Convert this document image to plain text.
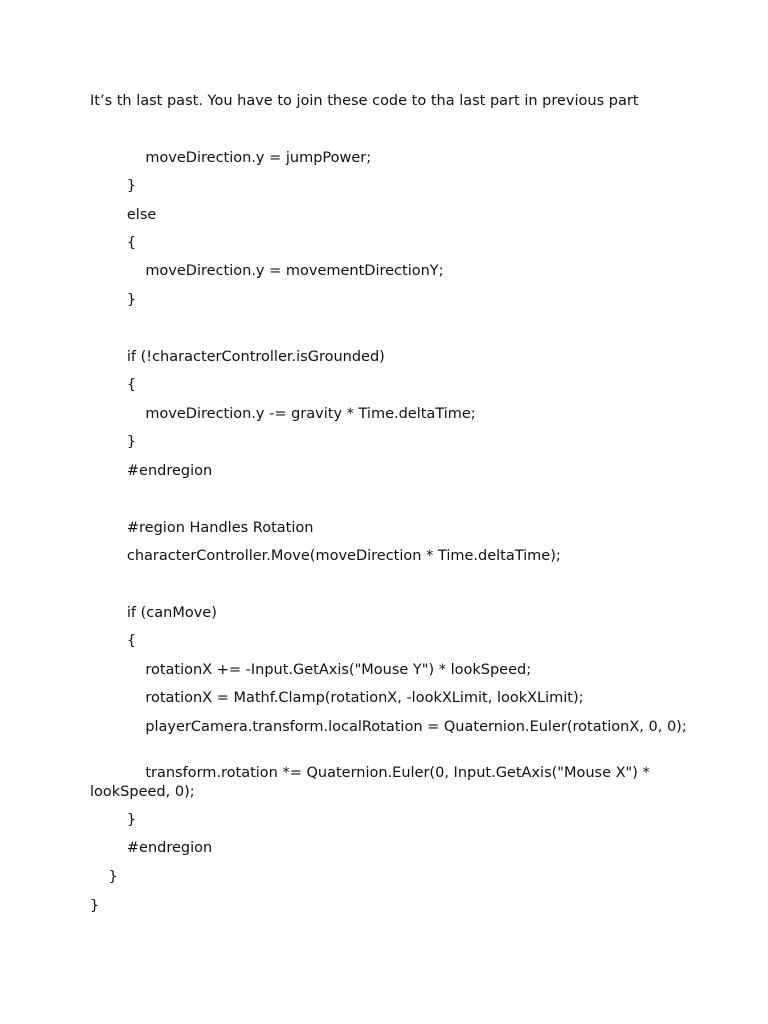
It’s th last past. You have to join these code to tha last part in previous part
moveDirection.y = jumpPower;
}
else
{
moveDirection.y = movementDirectionY;
}
if (!characterController.isGrounded)
{
moveDirection.y -= gravity * Time.deltaTime;
}
#endregion
#region Handles Rotation
characterController.Move(moveDirection * Time.deltaTime);
if (canMove)
{
rotationX += -Input.GetAxis("Mouse Y") * lookSpeed;
rotationX = Mathf.Clamp(rotationX, -lookXLimit, lookXLimit);
playerCamera.transform.localRotation = Quaternion.Euler(rotationX, 0, 0);
transform.rotation *= Quaternion.Euler(0, Input.GetAxis("Mouse X") * lookSpeed, 0);
}
#endregion
}
}
